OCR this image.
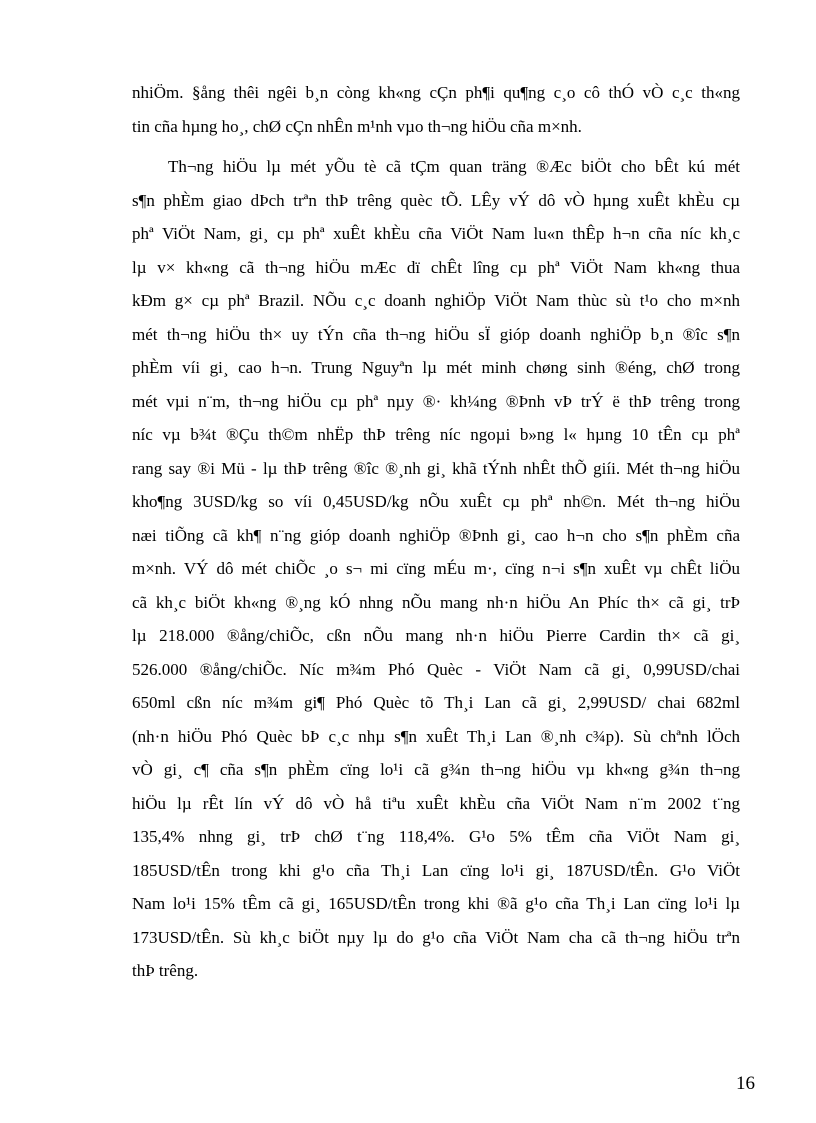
nhiÖm. §ång thêi ngêi b¸n còng kh«ng cÇn ph¶i qu¶ng c¸o cô thÓ vÒ c¸c th«ng
tin cña hµng ho¸, chØ cÇn nhÊn m¹nh vµo th¬ng hiÖu cña m×nh.
Th¬ng hiÖu lµ mét yÕu tè cã tÇm quan träng ®Æc biÖt cho bÊt kú mét
s¶n phÈm giao dÞch trªn thÞ trêng quèc tÕ. LÊy vÝ dô vÒ hµng xuÊt khÈu cµ
phª ViÖt Nam, gi¸ cµ phª xuÊt khÈu cña ViÖt Nam lu«n thÊp h¬n cña níc kh¸c
lµ v× kh«ng cã th¬ng hiÖu mÆc dï chÊt lîng cµ phª ViÖt Nam kh«ng thua
kÐm g× cµ phª Brazil. NÕu c¸c doanh nghiÖp ViÖt Nam thùc sù t¹o cho m×nh
mét th¬ng hiÖu th× uy tÝn cña th¬ng hiÖu sÏ gióp doanh nghiÖp b¸n ®îc s¶n
phÈm víi gi¸ cao h¬n. Trung Nguyªn lµ mét minh chøng sinh ®éng, chØ trong
mét vµi n¨m, th¬ng hiÖu cµ phª nµy ®· kh¼ng ®Þnh vÞ trÝ ë thÞ trêng trong
níc vµ b¾t ®Çu th©m nhËp thÞ trêng níc ngoµi b»ng l« hµng 10 tÊn cµ phª
rang say ®i Mü - lµ thÞ trêng ®îc ®¸nh gi¸ khã tÝnh nhÊt thÕ giíi. Mét th¬ng hiÖu
kho¶ng 3USD/kg so víi 0,45USD/kg nÕu xuÊt cµ phª nh©n. Mét th¬ng hiÖu
næi tiÕng cã kh¶ n¨ng gióp doanh nghiÖp ®Þnh gi¸ cao h¬n cho s¶n phÈm cña
m×nh. VÝ dô mét chiÕc ¸o s¬ mi cïng mÉu m·, cïng n¬i s¶n xuÊt vµ chÊt liÖu
cã kh¸c biÖt kh«ng ®¸ng kÓ nhng nÕu mang nh·n hiÖu An Phíc th× cã gi¸ trÞ
lµ 218.000 ®ång/chiÕc, cßn nÕu mang nh·n hiÖu Pierre Cardin th× cã gi¸
526.000 ®ång/chiÕc. Níc m¾m Phó Quèc - ViÖt Nam cã gi¸ 0,99USD/chai
650ml cßn níc m¾m gi¶ Phó Quèc tõ Th¸i Lan cã gi¸ 2,99USD/ chai 682ml
(nh·n hiÖu Phó Quèc bÞ c¸c nhµ s¶n xuÊt Th¸i Lan ®¸nh c¾p). Sù chªnh lÖch
vÒ gi¸ c¶ cña s¶n phÈm cïng lo¹i cã g¾n th¬ng hiÖu vµ kh«ng g¾n th¬ng
hiÖu lµ rÊt lín vÝ dô vÒ hå tiªu xuÊt khÈu cña ViÖt Nam n¨m 2002 t¨ng
135,4% nhng gi¸ trÞ chØ t¨ng 118,4%. G¹o 5% tÊm cña ViÖt Nam gi¸
185USD/tÊn trong khi g¹o cña Th¸i Lan cïng lo¹i gi¸ 187USD/tÊn. G¹o ViÖt
Nam lo¹i 15% tÊm cã gi¸ 165USD/tÊn trong khi ®ã g¹o cña Th¸i Lan cïng lo¹i lµ
173USD/tÊn. Sù kh¸c biÖt nµy lµ do g¹o cña ViÖt Nam cha cã th¬ng hiÖu trªn
thÞ trêng.
16
